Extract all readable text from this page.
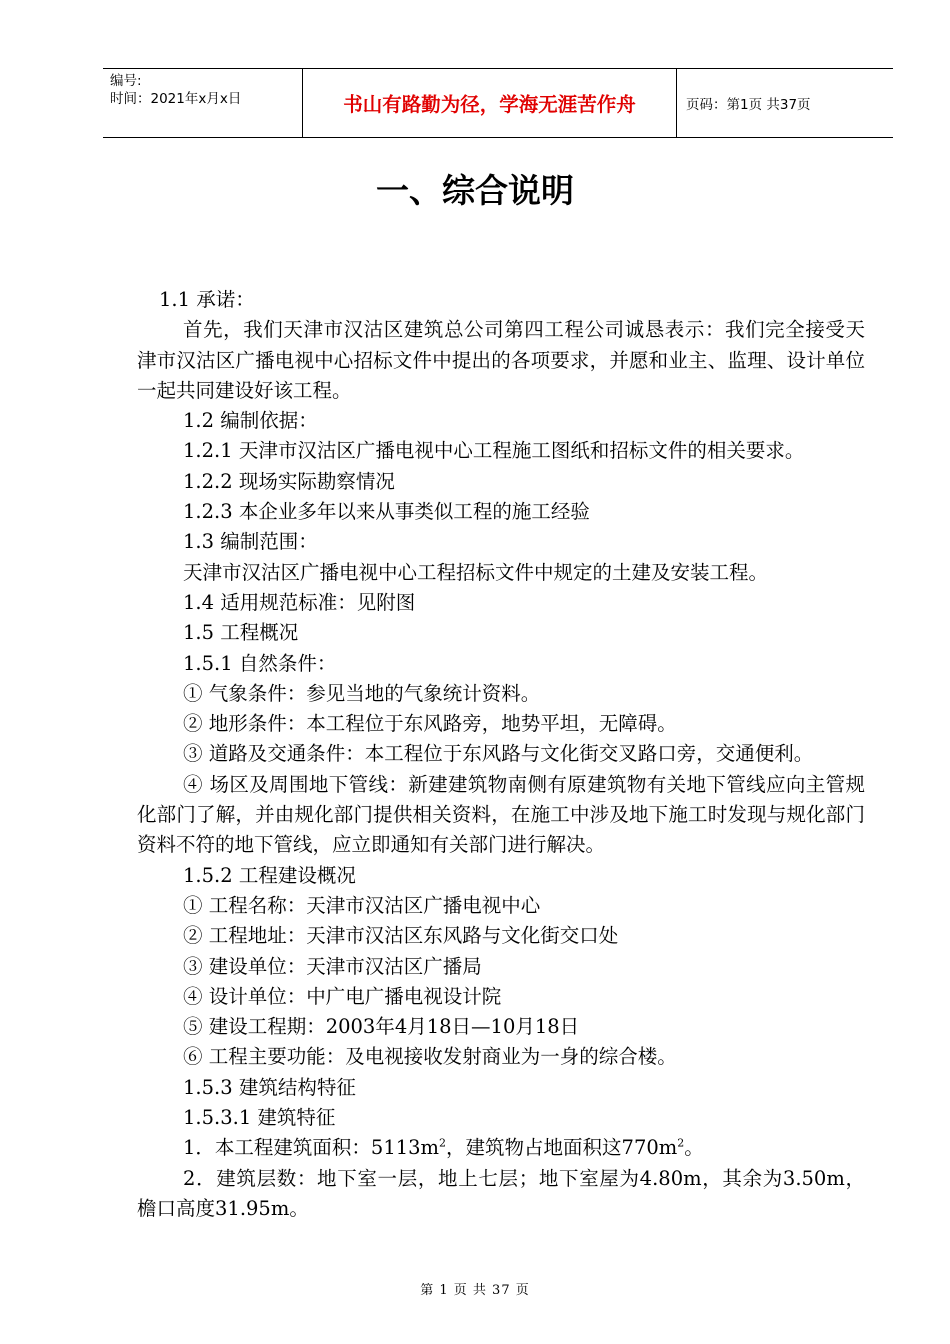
编号:
时间：2021年x月x日	书山有路勤为径，学海无涯苦作舟	页码：第1页 共37页
一、综合说明

1.1 承诺：

首先，我们天津市汉沽区建筑总公司第四工程公司诚恳表示：我们完全接受天津市汉沽区广播电视中心招标文件中提出的各项要求，并愿和业主、监理、设计单位一起共同建设好该工程。

1.2 编制依据：

1.2.1 天津市汉沽区广播电视中心工程施工图纸和招标文件的相关要求。

1.2.2 现场实际勘察情况

1.2.3 本企业多年以来从事类似工程的施工经验

1.3 编制范围：

天津市汉沽区广播电视中心工程招标文件中规定的土建及安装工程。

1.4 适用规范标准：见附图

1.5 工程概况

1.5.1 自然条件：

① 气象条件：参见当地的气象统计资料。

② 地形条件：本工程位于东风路旁，地势平坦，无障碍。

③ 道路及交通条件：本工程位于东风路与文化街交叉路口旁，交通便利。

④ 场区及周围地下管线：新建建筑物南侧有原建筑物有关地下管线应向主管规化部门了解，并由规化部门提供相关资料，在施工中涉及地下施工时发现与规化部门资料不符的地下管线，应立即通知有关部门进行解决。

1.5.2 工程建设概况

① 工程名称：天津市汉沽区广播电视中心

② 工程地址：天津市汉沽区东风路与文化街交口处

③ 建设单位：天津市汉沽区广播局

④ 设计单位：中广电广播电视设计院

⑤ 建设工程期：2003年4月18日—10月18日

⑥ 工程主要功能：及电视接收发射商业为一身的综合楼。

1.5.3 建筑结构特征

1.5.3.1 建筑特征

1．本工程建筑面积：$5113m^2$，建筑物占地面积这$770m^2$。

2．建筑层数：地下室一层，地上七层；地下室屋为4.80m，其余为3.50m，檐口高度31.95m。

第 1 页 共 37 页
